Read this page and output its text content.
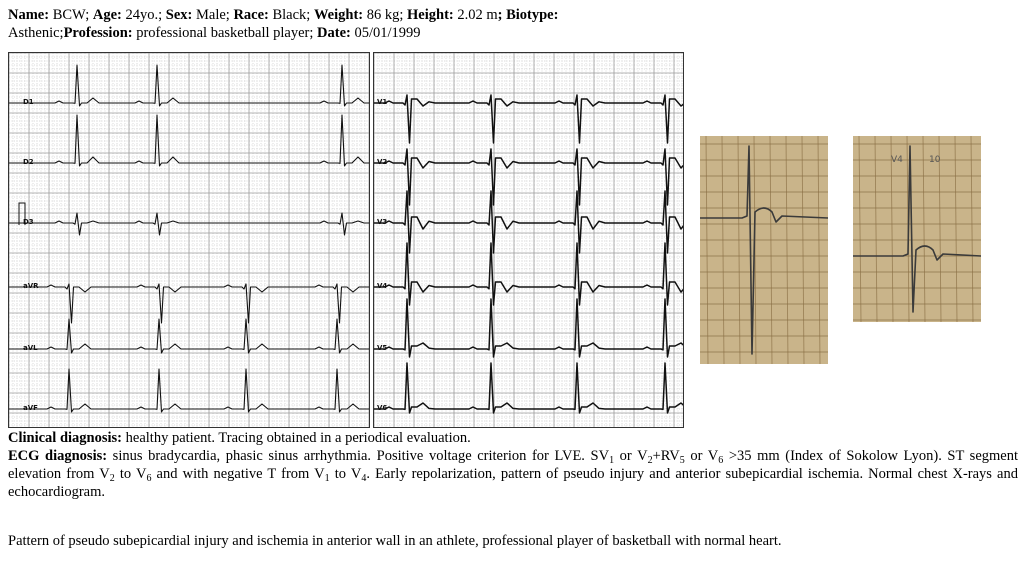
Name: BCW; Age: 24yo.; Sex: Male; Race: Black; Weight: 86 kg; Height: 2.02 m; Biotype:
Asthenic;Profession: professional basketball player; Date: 05/01/1999
D1
D2
D3
aVR
aVL
aVF
V1
V2
V3
V4
V5
V6
V4	10
Clinical diagnosis: healthy patient. Tracing obtained in a periodical evaluation.
ECG diagnosis: sinus bradycardia, phasic sinus arrhythmia. Positive voltage criterion for LVE. $SV_1$ or $V_2+RV_5$ or $V_6 >35$ mm (Index of Sokolow Lyon). ST segment elevation from $V_2$ to $V_6$ and with negative T from $V_1$ to $V_4$. Early repolarization, pattern of pseudo injury and anterior subepicardial ischemia. Normal chest X-rays and echocardiogram.
Pattern of pseudo subepicardial injury and ischemia in anterior wall in an athlete, professional player of basketball with normal heart.
